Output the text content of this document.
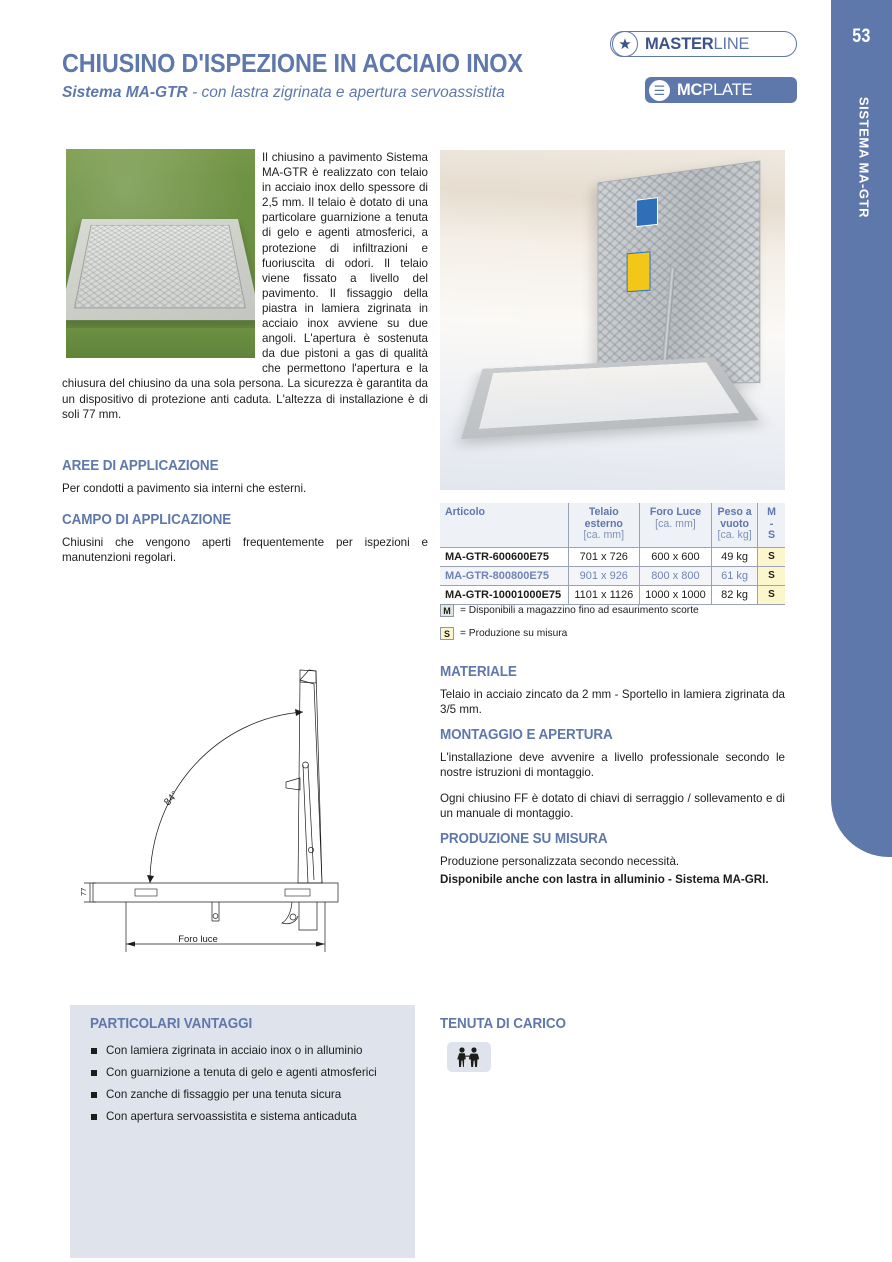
53
SISTEMA MA-GTR
CHIUSINO D'ISPEZIONE IN ACCIAIO INOX
Sistema MA-GTR - con lastra zigrinata e apertura servoassistita
★ MASTERLINE
☰ MCPLATE
Il chiusino a pavimento Sistema MA-GTR è realizzato con telaio in acciaio inox dello spessore di 2,5 mm. Il telaio è dotato di una particolare guarnizione a tenuta di gelo e agenti atmosferici, a protezione di infiltrazioni e fuoriuscita di odori. Il telaio viene fissato a livello del pavimento. Il fissaggio della piastra in lamiera zigrinata in acciaio inox avviene su due angoli. L'apertura è sostenuta da due pistoni a gas di qualità che permettono l'apertura e la chiusura del chiusino da una sola persona. La sicurezza è garantita da un dispositivo di protezione anti caduta. L'altezza di installazione è di soli 77 mm.
AREE DI APPLICAZIONE
Per condotti a pavimento sia interni che esterni.
CAMPO DI APPLICAZIONE
Chiusini che vengono aperti frequentemente per ispezioni e manutenzioni regolari.
84°
77
Foro luce
Articolo	Telaio
esterno
[ca. mm]	Foro Luce
[ca. mm]	Peso a
vuoto
[ca. kg]	M
-
S
MA-GTR-600600E75	701 x 726	600 x 600	49 kg	S
MA-GTR-800800E75	901 x 926	800 x 800	61 kg	S
MA-GTR-10001000E75	1101 x 1126	1000 x 1000	82 kg	S
M = Disponibili a magazzino fino ad esaurimento scorte
S = Produzione su misura
MATERIALE
Telaio in acciaio zincato da 2 mm - Sportello in lamiera zigrinata da 3/5 mm.
MONTAGGIO E APERTURA
L'installazione deve avvenire a livello professionale secondo le nostre istruzioni di montaggio.
Ogni chiusino FF è dotato di chiavi di serraggio / sollevamento e di un manuale di montaggio.
PRODUZIONE SU MISURA
Produzione personalizzata secondo necessità.
Disponibile anche con lastra in alluminio - Sistema MA-GRI.
PARTICOLARI VANTAGGI
Con lamiera zigrinata in acciaio inox o in alluminio
Con guarnizione a tenuta di gelo e agenti atmosferici
Con zanche di fissaggio per una tenuta sicura
Con apertura servoassistita e sistema anticaduta
TENUTA DI CARICO
